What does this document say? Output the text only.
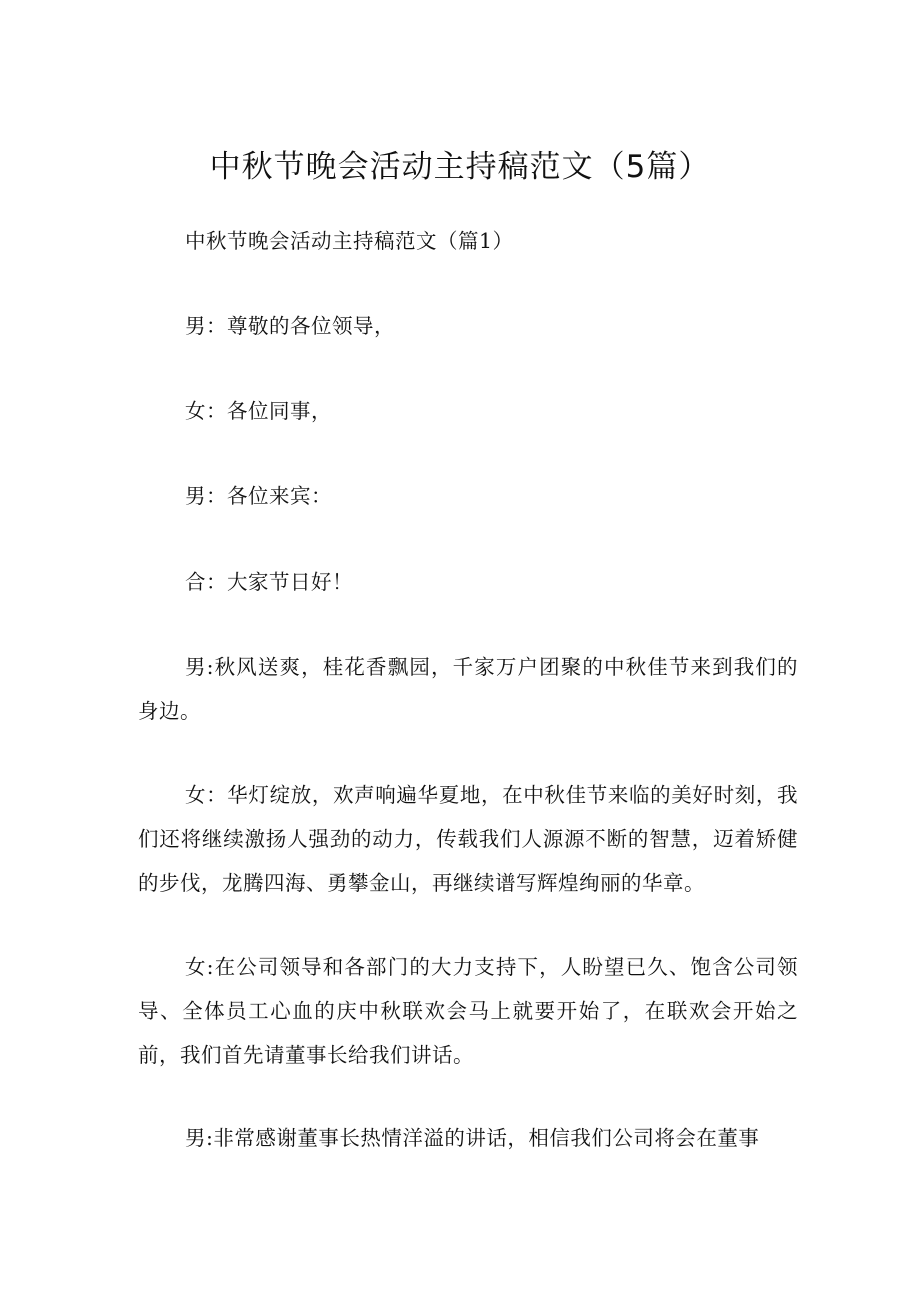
中秋节晚会活动主持稿范文（5篇）

中秋节晚会活动主持稿范文（篇1）

男：尊敬的各位领导，

女：各位同事，

男：各位来宾：

合：大家节日好！

男:秋风送爽，桂花香飘园，千家万户团聚的中秋佳节来到我们的身边。

女：华灯绽放，欢声响遍华夏地，在中秋佳节来临的美好时刻，我们还将继续激扬人强劲的动力，传载我们人源源不断的智慧，迈着矫健的步伐，龙腾四海、勇攀金山，再继续谱写辉煌绚丽的华章。

女:在公司领导和各部门的大力支持下，人盼望已久、饱含公司领导、全体员工心血的庆中秋联欢会马上就要开始了，在联欢会开始之前，我们首先请董事长给我们讲话。

男:非常感谢董事长热情洋溢的讲话，相信我们公司将会在董事
